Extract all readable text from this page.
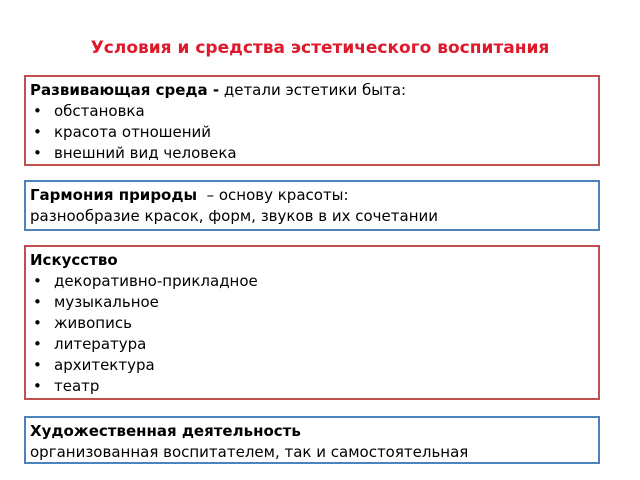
Условия и средства эстетического воспитания
Развивающая среда - детали эстетики быта:
• обстановка
• красота отношений
• внешний вид человека
Гармония природы  – основу красоты:
разнообразие красок, форм, звуков в их сочетании
Искусство
• декоративно-прикладное
• музыкальное
• живопись
• литература
• архитектура
• театр
Художественная деятельность
организованная воспитателем, так и самостоятельная
